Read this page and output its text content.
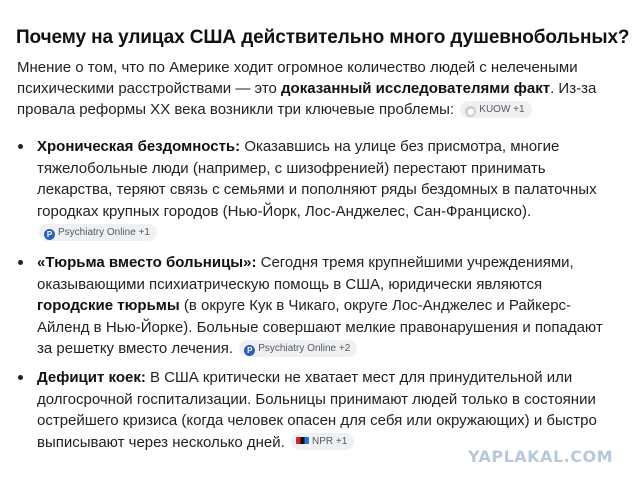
Почему на улицах США действительно много душевнобольных?
Мнение о том, что по Америке ходит огромное количество людей с нелечеными психическими расстройствами — это доказанный исследователями факт. Из-за провала реформы XX века возникли три ключевые проблемы: ◉ KUOW +1
Хроническая бездомность: Оказавшись на улице без присмотра, многие тяжелобольные люди (например, с шизофренией) перестают принимать лекарства, теряют связь с семьями и пополняют ряды бездомных в палаточных городках крупных городов (Нью-Йорк, Лос-Анджелес, Сан-Франциско). P Psychiatry Online +1
«Тюрьма вместо больницы»: Сегодня тремя крупнейшими учреждениями, оказывающими психиатрическую помощь в США, юридически являются городские тюрьмы (в округе Кук в Чикаго, округе Лос-Анджелес и Райкерс-Айленд в Нью-Йорке). Больные совершают мелкие правонарушения и попадают за решетку вместо лечения. P Psychiatry Online +2
Дефицит коек: В США критически не хватает мест для принудительной или долгосрочной госпитализации. Больницы принимают людей только в состоянии острейшего кризиса (когда человек опасен для себя или окружающих) и быстро выписывают через несколько дней.	NPR +1
YAPLAKAL.COM
